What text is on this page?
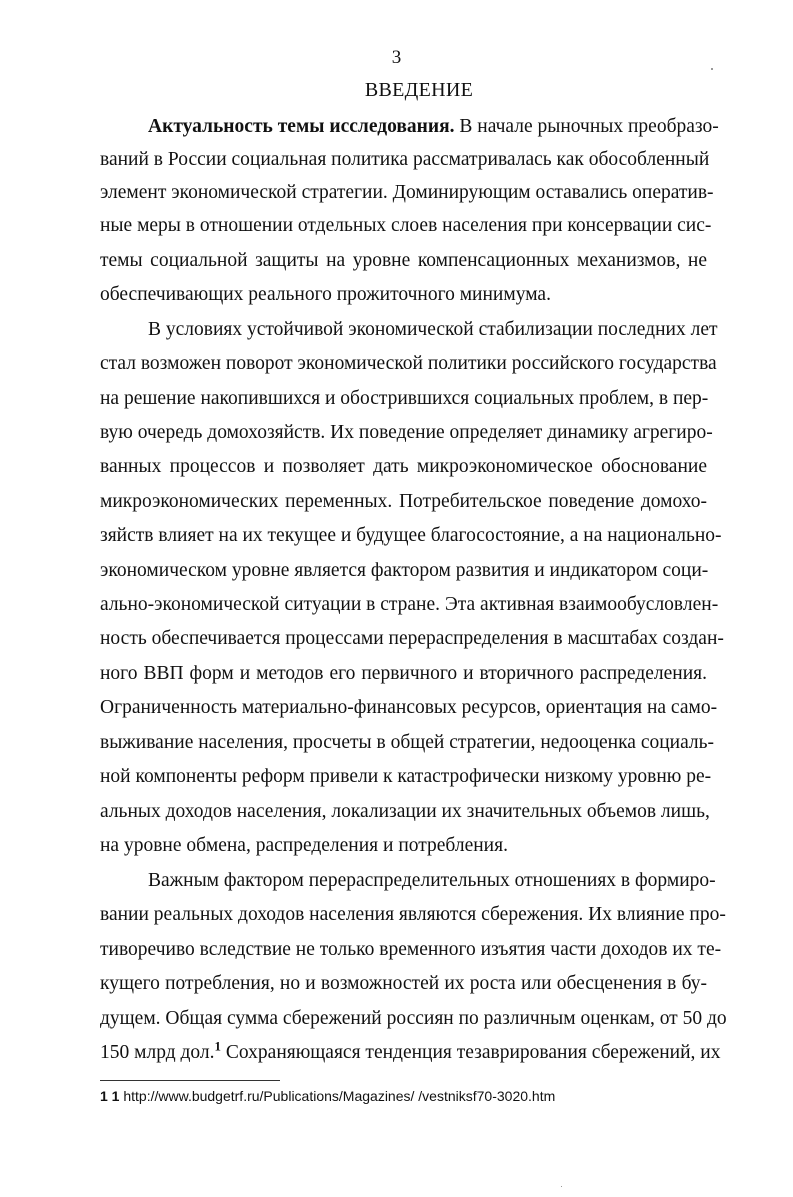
3
ВВЕДЕНИЕ
Актуальность темы исследования. В начале рыночных преобразо-
ваний в России социальная политика рассматривалась как обособленный
элемент экономической стратегии. Доминирующим оставались оператив-
ные меры в отношении отдельных слоев населения при консервации сис-
темы социальной защиты на уровне компенсационных механизмов, не
обеспечивающих реального прожиточного минимума.
В условиях устойчивой экономической стабилизации последних лет
стал возможен поворот экономической политики российского государства
на решение накопившихся и обострившихся социальных проблем, в пер-
вую очередь домохозяйств. Их поведение определяет динамику агрегиро-
ванных процессов и позволяет дать микроэкономическое обоснование
микроэкономических переменных. Потребительское поведение домохо-
зяйств влияет на их текущее и будущее благосостояние, а на национально-
экономическом уровне является фактором развития и индикатором соци-
ально-экономической ситуации в стране. Эта активная взаимообусловлен-
ность обеспечивается процессами перераспределения в масштабах создан-
ного ВВП форм и методов его первичного и вторичного распределения.
Ограниченность материально-финансовых ресурсов, ориентация на само-
выживание населения, просчеты в общей стратегии, недооценка социаль-
ной компоненты реформ привели к катастрофически низкому уровню ре-
альных доходов населения, локализации их значительных объемов лишь,
на уровне обмена, распределения и потребления.
Важным фактором перераспределительных отношениях в формиро-
вании реальных доходов населения являются сбережения. Их влияние про-
тиворечиво вследствие не только временного изъятия части доходов их те-
кущего потребления, но и возможностей их роста или обесценения в бу-
дущем. Общая сумма сбережений россиян по различным оценкам, от 50 до
150 млрд дол.$^1$ Сохраняющаяся тенденция тезаврирования сбережений, их
1 1 http://www.budgetrf.ru/Publications/Magazines/ /vestniksf70-3020.htm
